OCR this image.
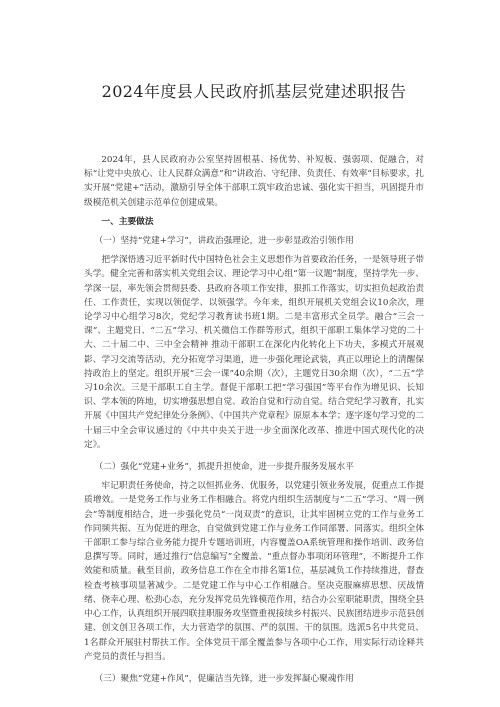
2024年度县人民政府抓基层党建述职报告

2024年，县人民政府办公室坚持固根基、扬优势、补短板、强弱项、促融合，对标“让党中央放心、让人民群众满意”和“讲政治、守纪律、负责任、有效率”目标要求，扎实开展“党建+”活动，激励引导全体干部职工筑牢政治忠诚、强化实干担当，巩固提升市级模范机关创建示范单位创建成果。

一、主要做法

（一）坚持“党建+学习”，讲政治强理论，进一步彰显政治引领作用

把学深悟透习近平新时代中国特色社会主义思想作为首要政治任务，一是领导班子带头学。健全完善和落实机关党组会议、理论学习中心组“第一议题”制度，坚持学先一步、学深一层，率先领会贯彻县委、县政府各项工作安排，狠抓工作落实，切实担负起政治责任、工作责任，实现以领促学、以领强学。今年来，组织开展机关党组会议10余次，理论学习中心组学习8次，党纪学习教育读书班1期。二是丰富形式全员学。融合“三会一课”、主题党日、“二五”学习、机关微信工作群等形式，组织干部职工集体学习党的二十大、二十届二中、三中全会精神 推动干部职工在深化内化转化上下功夫，多模式开展观影、学习交流等活动，充分拓宽学习渠道，进一步强化理论武装，真正以理论上的清醒保持政治上的坚定。组织开展“三会一课”40余期（次），主题党日30余期（次），“二五”学习10余次。三是干部职工自主学。督促干部职工把“学习强国”等平台作为增见识、长知识、学本领的阵地，切实增强思想自觉、政治自觉和行动自觉。结合党纪学习教育，扎实开展《中国共产党纪律处分条例》、《中国共产党章程》原原本本学；逐字逐句学习党的二十届三中全会审议通过的《中共中央关于进一步全面深化改革、推进中国式现代化的决定》。

（二）强化“党建+业务”，抓提升担使命，进一步提升服务发展水平

牢记职责任务使命，持之以恒抓业务、优服务，以党建引领业务发展，促重点工作提质增效。一是党务工作与业务工作相融合。将党内组织生活制度与“二五”学习、“周一例会”等制度相结合，进一步强化党员“一岗双责”的意识，让其牢固树立党的工作与业务工作同频共振、互为促进的理念，自觉做到党建工作与业务工作同部署、同落实。组织全体干部职工参与综合业务能力提升专题培训班，内容覆盖OA系统管理和操作培训、政务信息撰写等。同时，通过推行“信息编写”全覆盖、“重点督办事项闭环管理”，不断提升工作效能和质量。截至目前，政务信息工作在全市排名第1位，基层减负工作持续推进，督查检查考核事项显著减少。二是党建工作与中心工作相融合。坚决克服麻痹思想、厌战情绪、侥幸心理、松劲心态，充分发挥党员先锋模范作用，结合办公室职能职责，围绕全县中心工作，认真组织开展四联挂职服务攻坚暨重视接续乡村振兴、民族团结进步示范县创建、创文创卫各项工作，大力营造学的氛围、严的氛围、干的氛围。选派5名中共党员、1名群众开展驻村帮扶工作。全体党员干部全覆盖参与各项中心工作，用实际行动诠释共产党员的责任与担当。

（三）聚焦“党建+作风”，促廉洁当先锋，进一步发挥凝心聚魂作用
